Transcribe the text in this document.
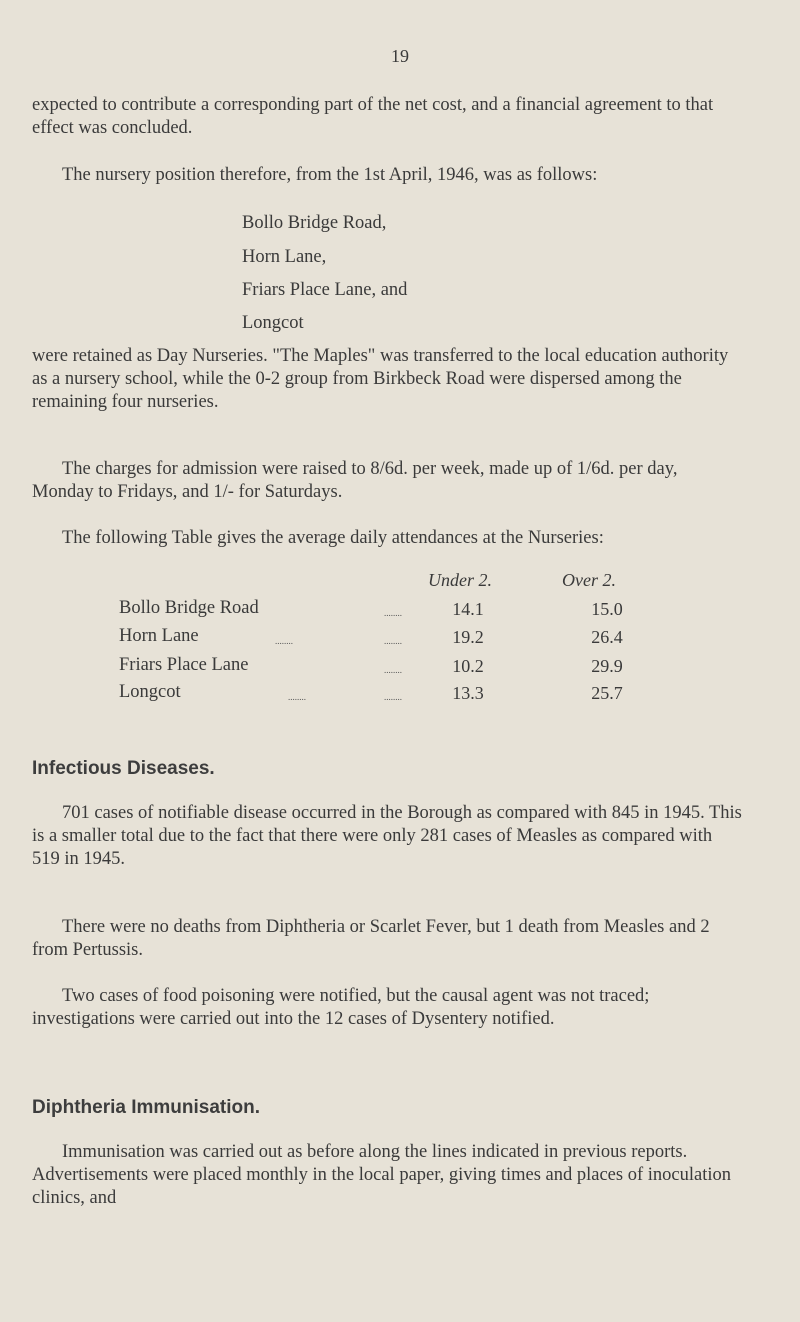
19

expected to contribute a corresponding part of the net cost, and a financial agreement to that effect was concluded.

The nursery position therefore, from the 1st April, 1946, was as follows:

Bollo Bridge Road,
Horn Lane,
Friars Place Lane, and
Longcot

were retained as Day Nurseries. "The Maples" was transferred to the local education authority as a nursery school, while the 0-2 group from Birkbeck Road were dispersed among the remaining four nurseries.

The charges for admission were raised to 8/6d. per week, made up of 1/6d. per day, Monday to Fridays, and 1/- for Saturdays.

The following Table gives the average daily attendances at the Nurseries:

Under 2.	Over 2.
Bollo Bridge Road	........	14.1	15.0
Horn Lane	........	........	19.2	26.4
Friars Place Lane	........	10.2	29.9
Longcot	........	........	13.3	25.7
Infectious Diseases.

701 cases of notifiable disease occurred in the Borough as compared with 845 in 1945. This is a smaller total due to the fact that there were only 281 cases of Measles as compared with 519 in 1945.

There were no deaths from Diphtheria or Scarlet Fever, but 1 death from Measles and 2 from Pertussis.

Two cases of food poisoning were notified, but the causal agent was not traced; investigations were carried out into the 12 cases of Dysentery notified.

Diphtheria Immunisation.

Immunisation was carried out as before along the lines indicated in previous reports. Advertisements were placed monthly in the local paper, giving times and places of inoculation clinics, and
